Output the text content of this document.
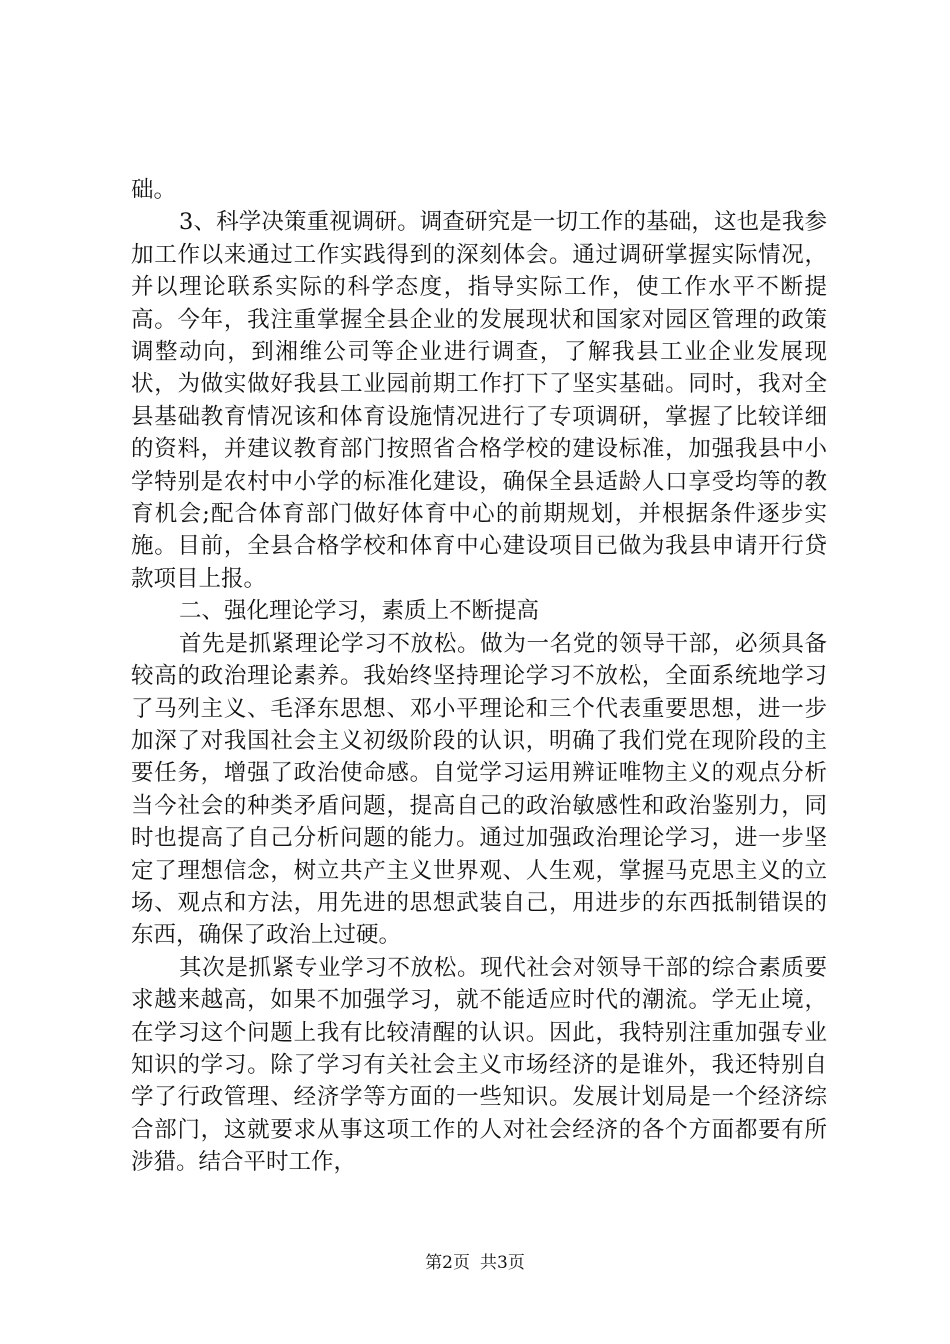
础。

3、科学决策重视调研。调查研究是一切工作的基础，这也是我参加工作以来通过工作实践得到的深刻体会。通过调研掌握实际情况，并以理论联系实际的科学态度，指导实际工作，使工作水平不断提高。今年，我注重掌握全县企业的发展现状和国家对园区管理的政策调整动向，到湘维公司等企业进行调查，了解我县工业企业发展现状，为做实做好我县工业园前期工作打下了坚实基础。同时，我对全县基础教育情况该和体育设施情况进行了专项调研，掌握了比较详细的资料，并建议教育部门按照省合格学校的建设标准，加强我县中小学特别是农村中小学的标准化建设，确保全县适龄人口享受均等的教育机会;配合体育部门做好体育中心的前期规划，并根据条件逐步实施。目前，全县合格学校和体育中心建设项目已做为我县申请开行贷款项目上报。

二、强化理论学习，素质上不断提高

首先是抓紧理论学习不放松。做为一名党的领导干部，必须具备较高的政治理论素养。我始终坚持理论学习不放松，全面系统地学习了马列主义、毛泽东思想、邓小平理论和三个代表重要思想，进一步加深了对我国社会主义初级阶段的认识，明确了我们党在现阶段的主要任务，增强了政治使命感。自觉学习运用辨证唯物主义的观点分析当今社会的种类矛盾问题，提高自己的政治敏感性和政治鉴别力，同时也提高了自己分析问题的能力。通过加强政治理论学习，进一步坚定了理想信念，树立共产主义世界观、人生观，掌握马克思主义的立场、观点和方法，用先进的思想武装自己，用进步的东西抵制错误的东西，确保了政治上过硬。

其次是抓紧专业学习不放松。现代社会对领导干部的综合素质要求越来越高，如果不加强学习，就不能适应时代的潮流。学无止境，在学习这个问题上我有比较清醒的认识。因此，我特别注重加强专业知识的学习。除了学习有关社会主义市场经济的是谁外，我还特别自学了行政管理、经济学等方面的一些知识。发展计划局是一个经济综合部门，这就要求从事这项工作的人对社会经济的各个方面都要有所涉猎。结合平时工作，

第2页 共3页
